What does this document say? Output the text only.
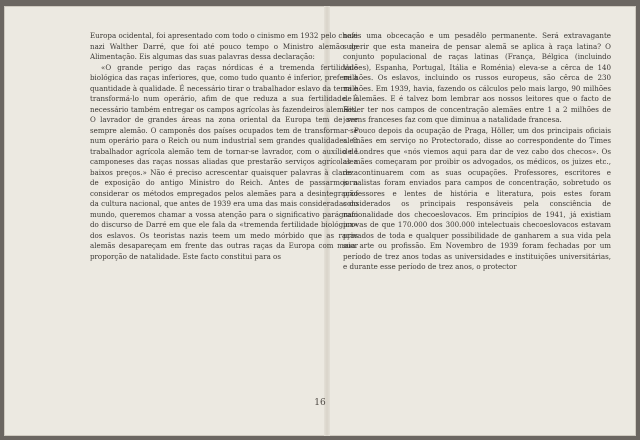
Europa ocidental, foi apresentado com todo o cinismo em 1932 pelo chefe nazi Walther Darré, que foi até pouco tempo o Ministro alemão de Alimentação. Eis algumas das suas palavras dessa declaração:

«O grande perigo das raças nórdicas é a tremenda fertilidade biológica das raças inferiores, que, como tudo quanto é inferior, prefere a quantidade à qualidade. É necessário tirar o trabalhador eslavo da terra e transformá-lo num operário, afim de que reduza a sua fertilidade. É necessário também entregar os campos agrícolas às fazendeiros alemães. O lavrador de grandes áreas na zona oriental da Europa tem de ser sempre alemão. O camponês dos países ocupados tem de transformar-se num operário para o Reich ou num industrial sem grandes qualidades. O trabalhador agrícola alemão tem de tornar-se lavrador, com o auxílio de camponeses das raças nossas aliadas que prestarão serviços agrícolas a baixos preços.» Não é preciso acrescentar quaisquer palavras à clareza de exposição do antigo Ministro do Reich. Antes de passarmos a considerar os métodos empregados pelos alemães para a desintegração da cultura nacional, que antes de 1939 era uma das mais consideradas do mundo, queremos chamar a vossa atenção para o significativo parágrafo do discurso de Darré em que ele fala da «tremenda fertilidade biológica» dos eslavos. Os teoristas nazis teem um medo mórbido que as raças alemãs desapareçam em frente das outras raças da Europa com maior proporção de natalidade. Este facto constitui para os

nazis uma obcecação e um pesadêlo permanente. Será extravagante sugerir que esta maneira de pensar alemã se aplica à raça latina? O conjunto populacional de raças latinas (França, Bélgica (incluindo Valões), Espanha, Portugal, Itália e Roménia) eleva-se a cêrca de 140 milhões. Os eslavos, incluindo os russos europeus, são cêrca de 230 milhões. Em 1939, havia, fazendo os cálculos pelo mais largo, 90 milhões de alemães. E é talvez bom lembrar aos nossos leitores que o facto de Hitler ter nos campos de concentração alemães entre 1 a 2 milhões de jovens franceses faz com que diminua a natalidade francesa.

Pouco depois da ocupação de Praga, Höller, um dos principais oficiais alemães em serviço no Protectorado, disse ao correspondente do Times de Londres que «nós viemos aqui para dar de vez cabo dos checos». Os alemães começaram por proibir os advogados, os médicos, os juizes etc., de continuarem com as suas ocupações. Professores, escritores e jornalistas foram enviados para campos de concentração, sobretudo os professores e lentes de história e literatura, pois estes foram considerados os principais responsáveis pela consciência de nacionalidade dos checoeslovacos. Em princípios de 1941, já existiam provas de que 170.000 dos 300.000 intelectuais checoeslovacos estavam privados de toda e qualquer possibilidade de ganharem a sua vida pela sua arte ou profissão. Em Novembro de 1939 foram fechadas por um período de trez anos todas as universidades e instituições universitárias, e durante esse período de trez anos, o protector

16
